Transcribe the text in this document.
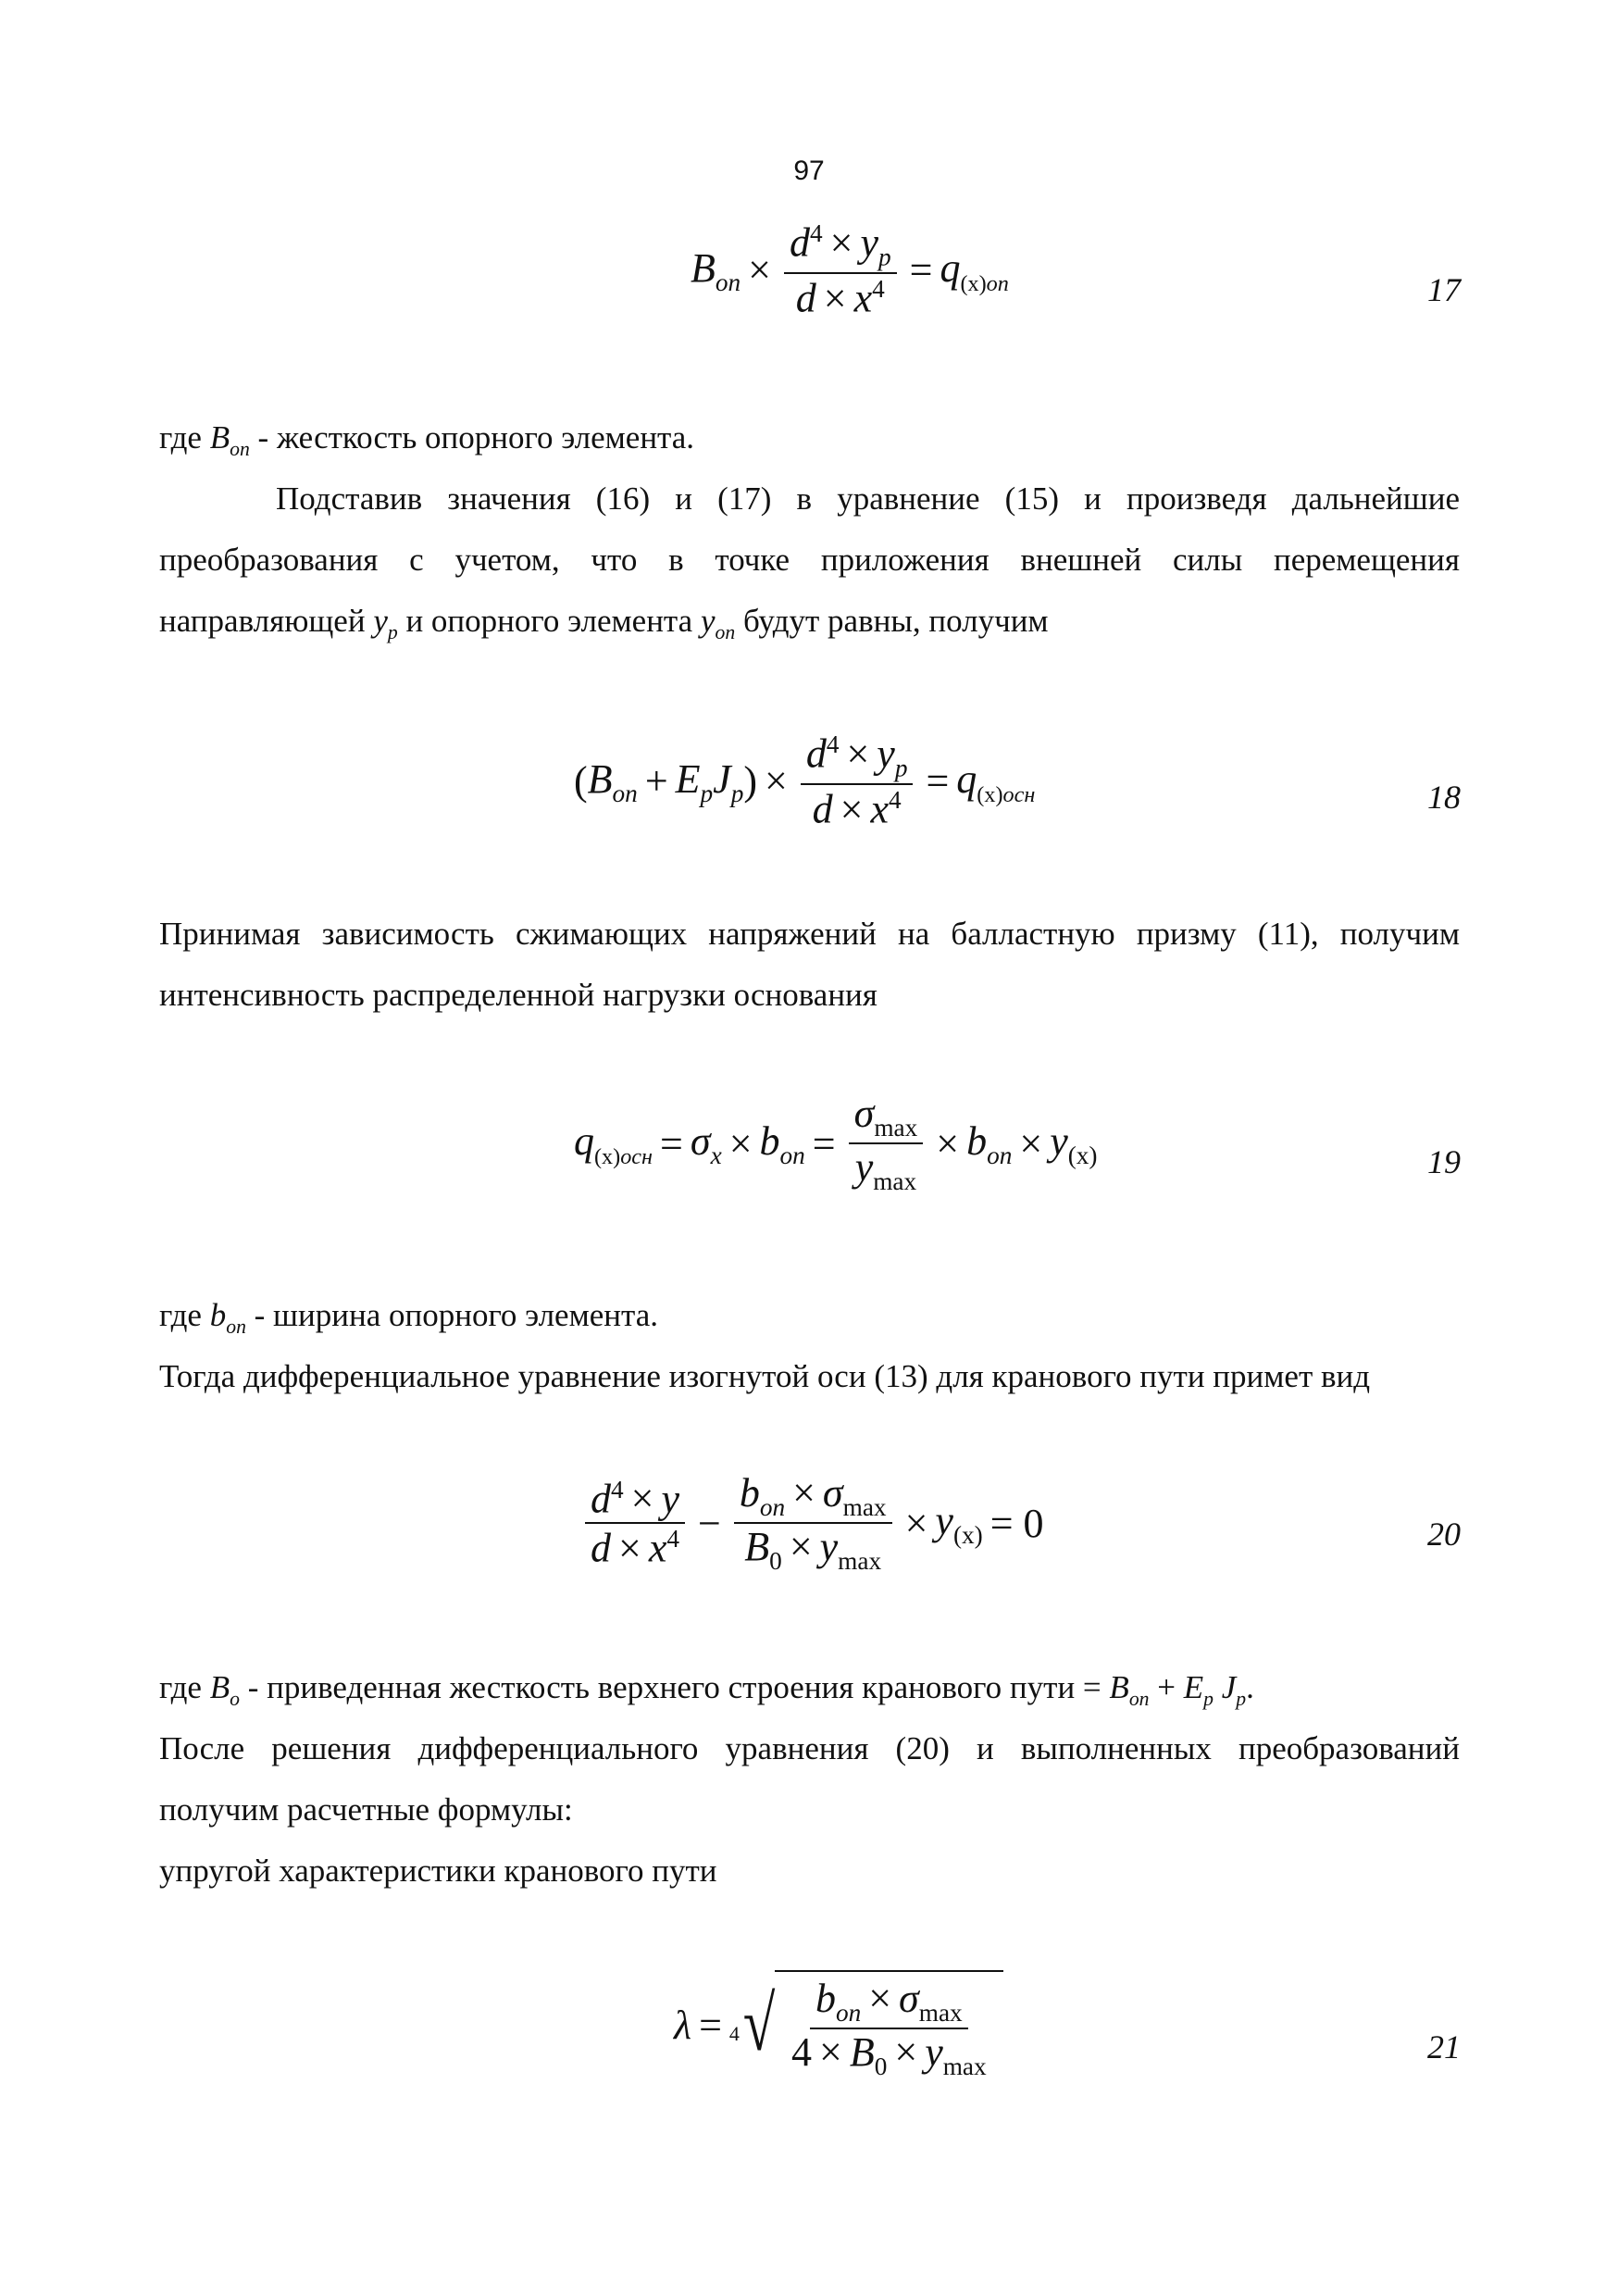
97
$B_{оп} \times \frac{d^4 \times y_p}{d \times x^4} = q_{(x)оп}$	17

где $B_{оп}$ - жесткость опорного элемента.

Подставив значения (16) и (17) в уравнение (15) и произведя дальнейшие

преобразования с учетом, что в точке приложения внешней силы перемещения

направляющей $y_p$ и опорного элемента $y_{оп}$ будут равны, получим

( $B_{оп} + E_pJ_p$ ) × $\frac{d^4 \times y_p}{d \times x^4} = q_{(x)осн}$	18

Принимая зависимость сжимающих напряжений на балластную призму (11), получим

интенсивность распределенной нагрузки основания

$q_{(x)осн} = \sigma_x \times b_{оп} = \frac{\sigma_{max}}{y_{max}} \times b_{оп} \times y_{(x)}$	19

где $b_{оп}$ - ширина опорного элемента.

Тогда дифференциальное уравнение изогнутой оси (13) для кранового пути примет вид

$\frac{d^4 \times y}{d \times x^4} - \frac{b_{оп} \times \sigma_{max}}{B_0 \times y_{max}} \times y_{(x)} = 0$	20

где $B_о$ - приведенная жесткость верхнего строения кранового пути = $B_{оп} + E_p$ $J_p$.

После решения дифференциального уравнения (20) и выполненных преобразований

получим расчетные формулы:

упругой характеристики кранового пути

λ = 4 √ $\frac{b_{оп} \times \sigma_{max}}{4 \times B_0 \times y_{max}}$	21
